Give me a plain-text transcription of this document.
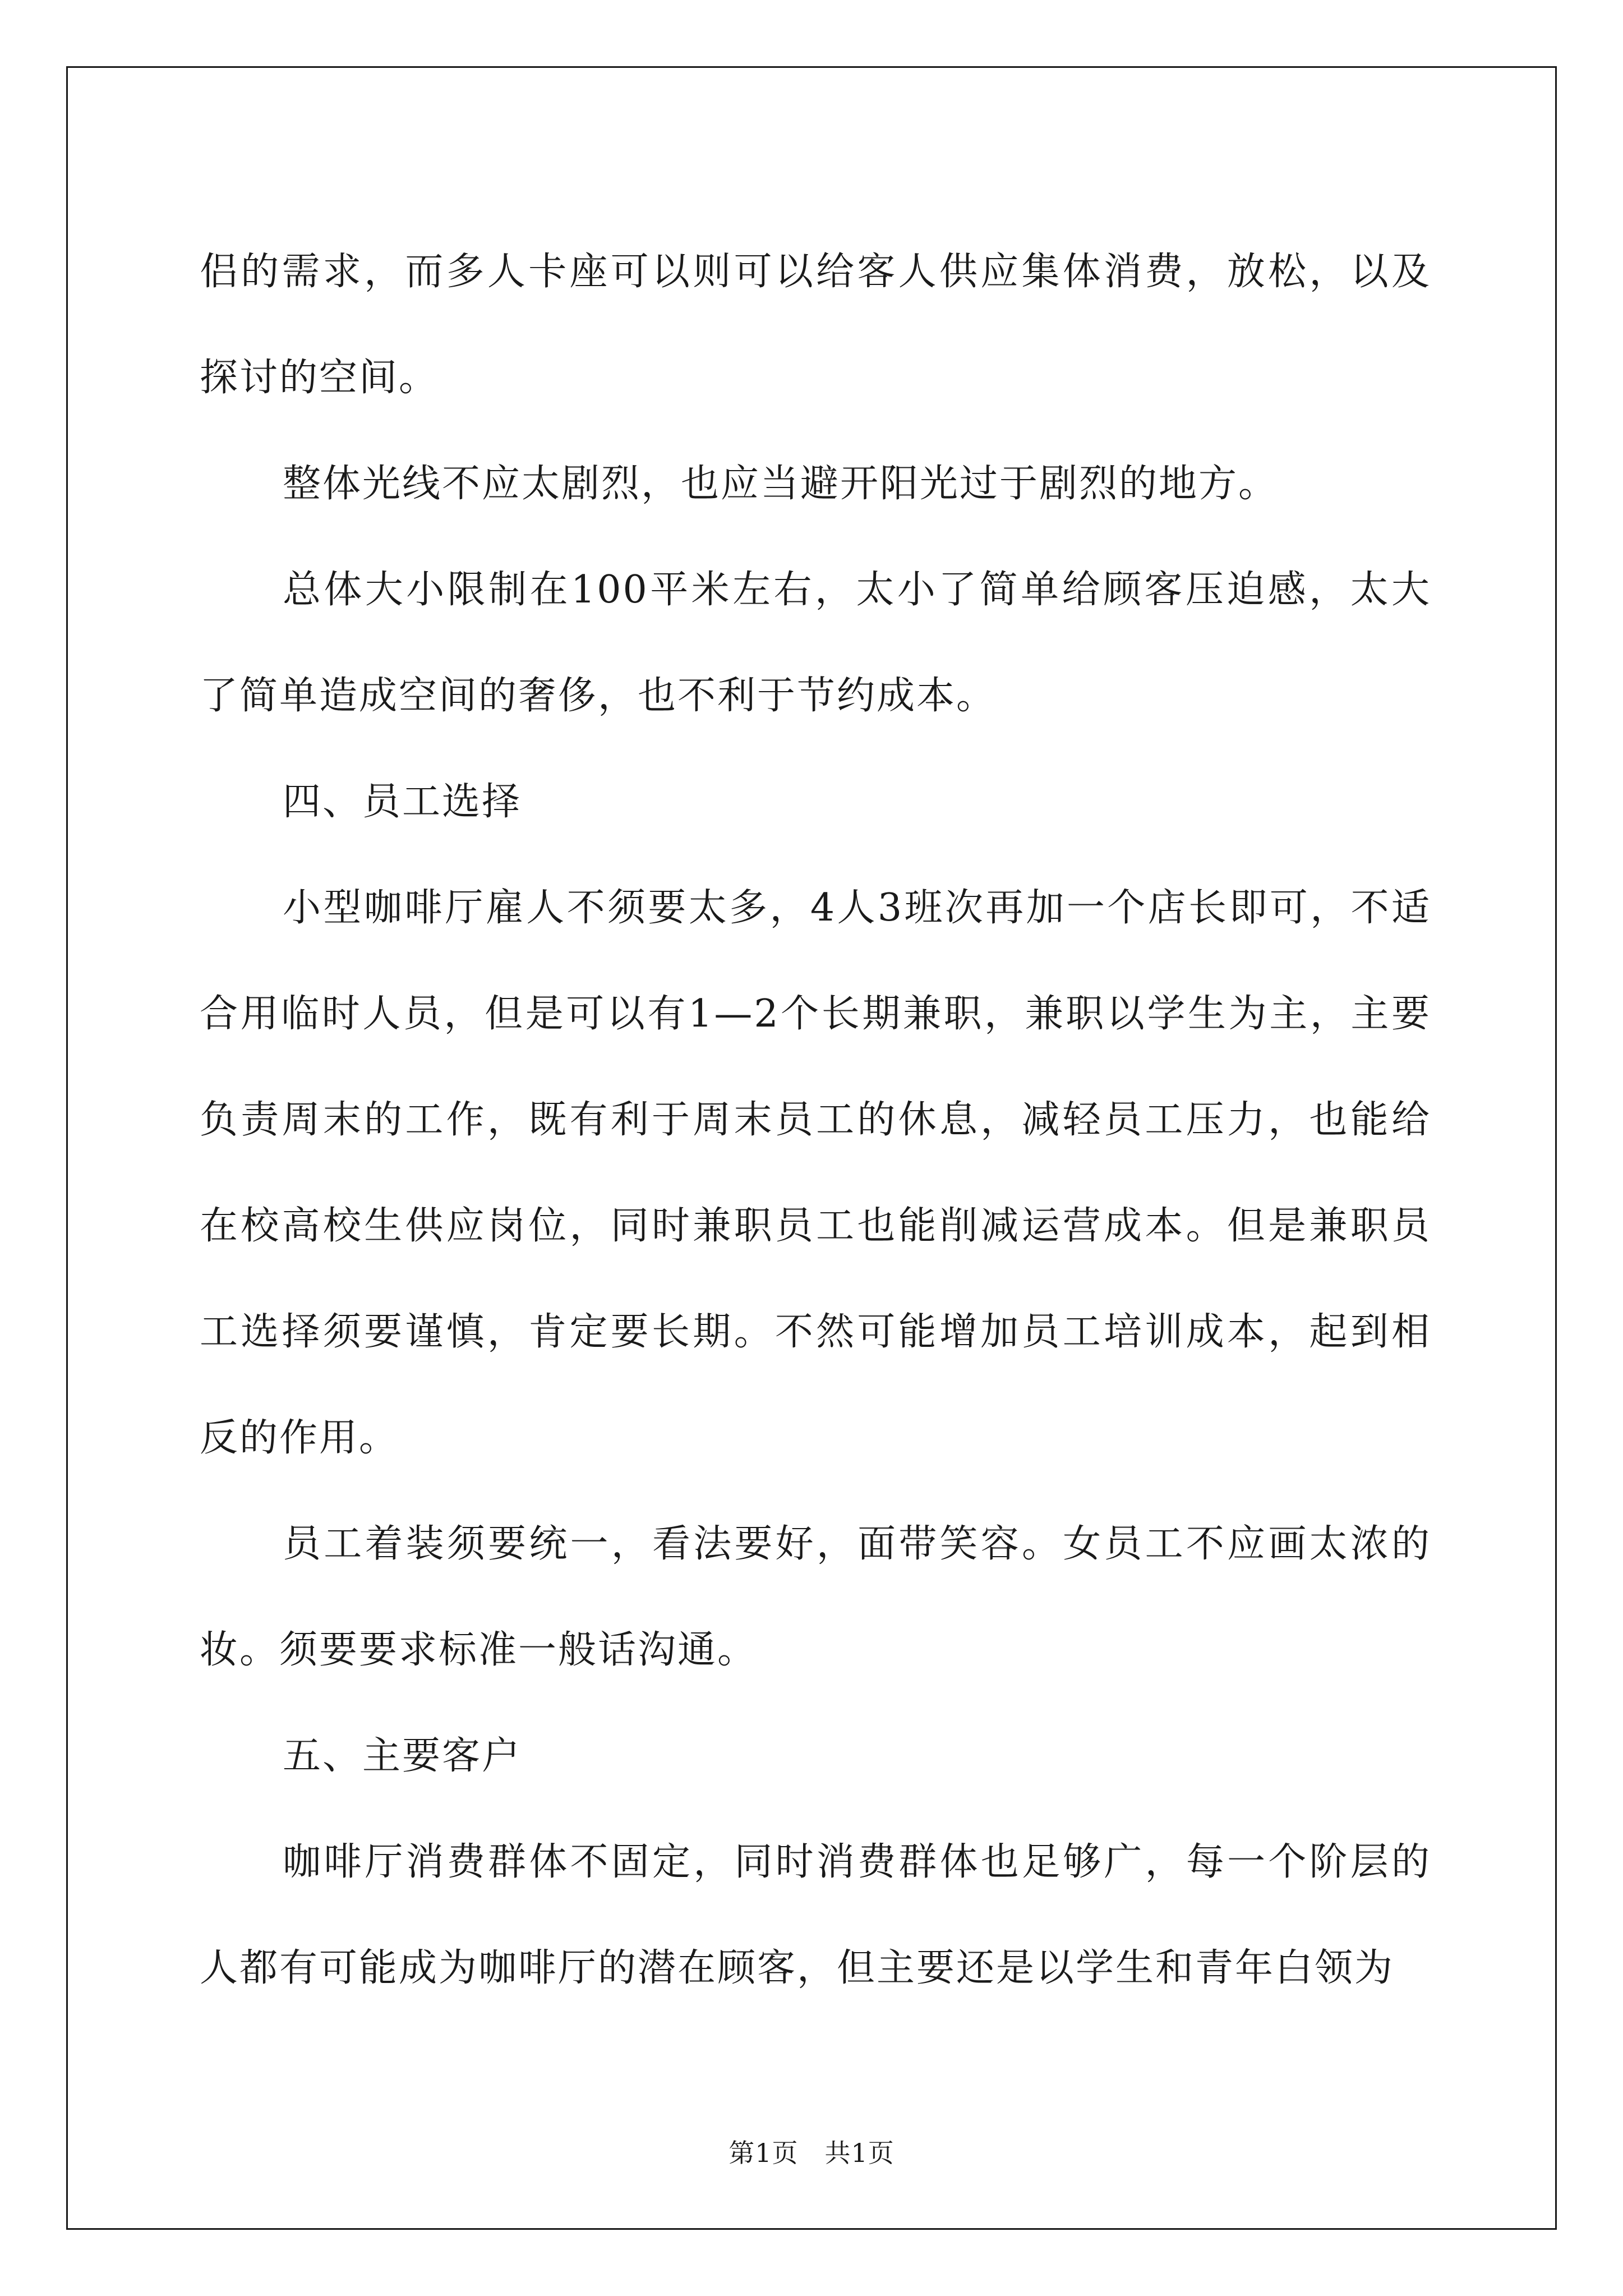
侣的需求，而多人卡座可以则可以给客人供应集体消费，放松，以及探讨的空间。

整体光线不应太剧烈，也应当避开阳光过于剧烈的地方。

总体大小限制在100平米左右，太小了简单给顾客压迫感，太大了简单造成空间的奢侈，也不利于节约成本。

四、员工选择

小型咖啡厅雇人不须要太多，4人3班次再加一个店长即可，不适合用临时人员，但是可以有1—2个长期兼职，兼职以学生为主，主要负责周末的工作，既有利于周末员工的休息，减轻员工压力，也能给在校高校生供应岗位，同时兼职员工也能削减运营成本。但是兼职员工选择须要谨慎，肯定要长期。不然可能增加员工培训成本，起到相反的作用。

员工着装须要统一，看法要好，面带笑容。女员工不应画太浓的妆。须要要求标准一般话沟通。

五、主要客户

咖啡厅消费群体不固定，同时消费群体也足够广，每一个阶层的人都有可能成为咖啡厅的潜在顾客，但主要还是以学生和青年白领为

第1页　共1页
